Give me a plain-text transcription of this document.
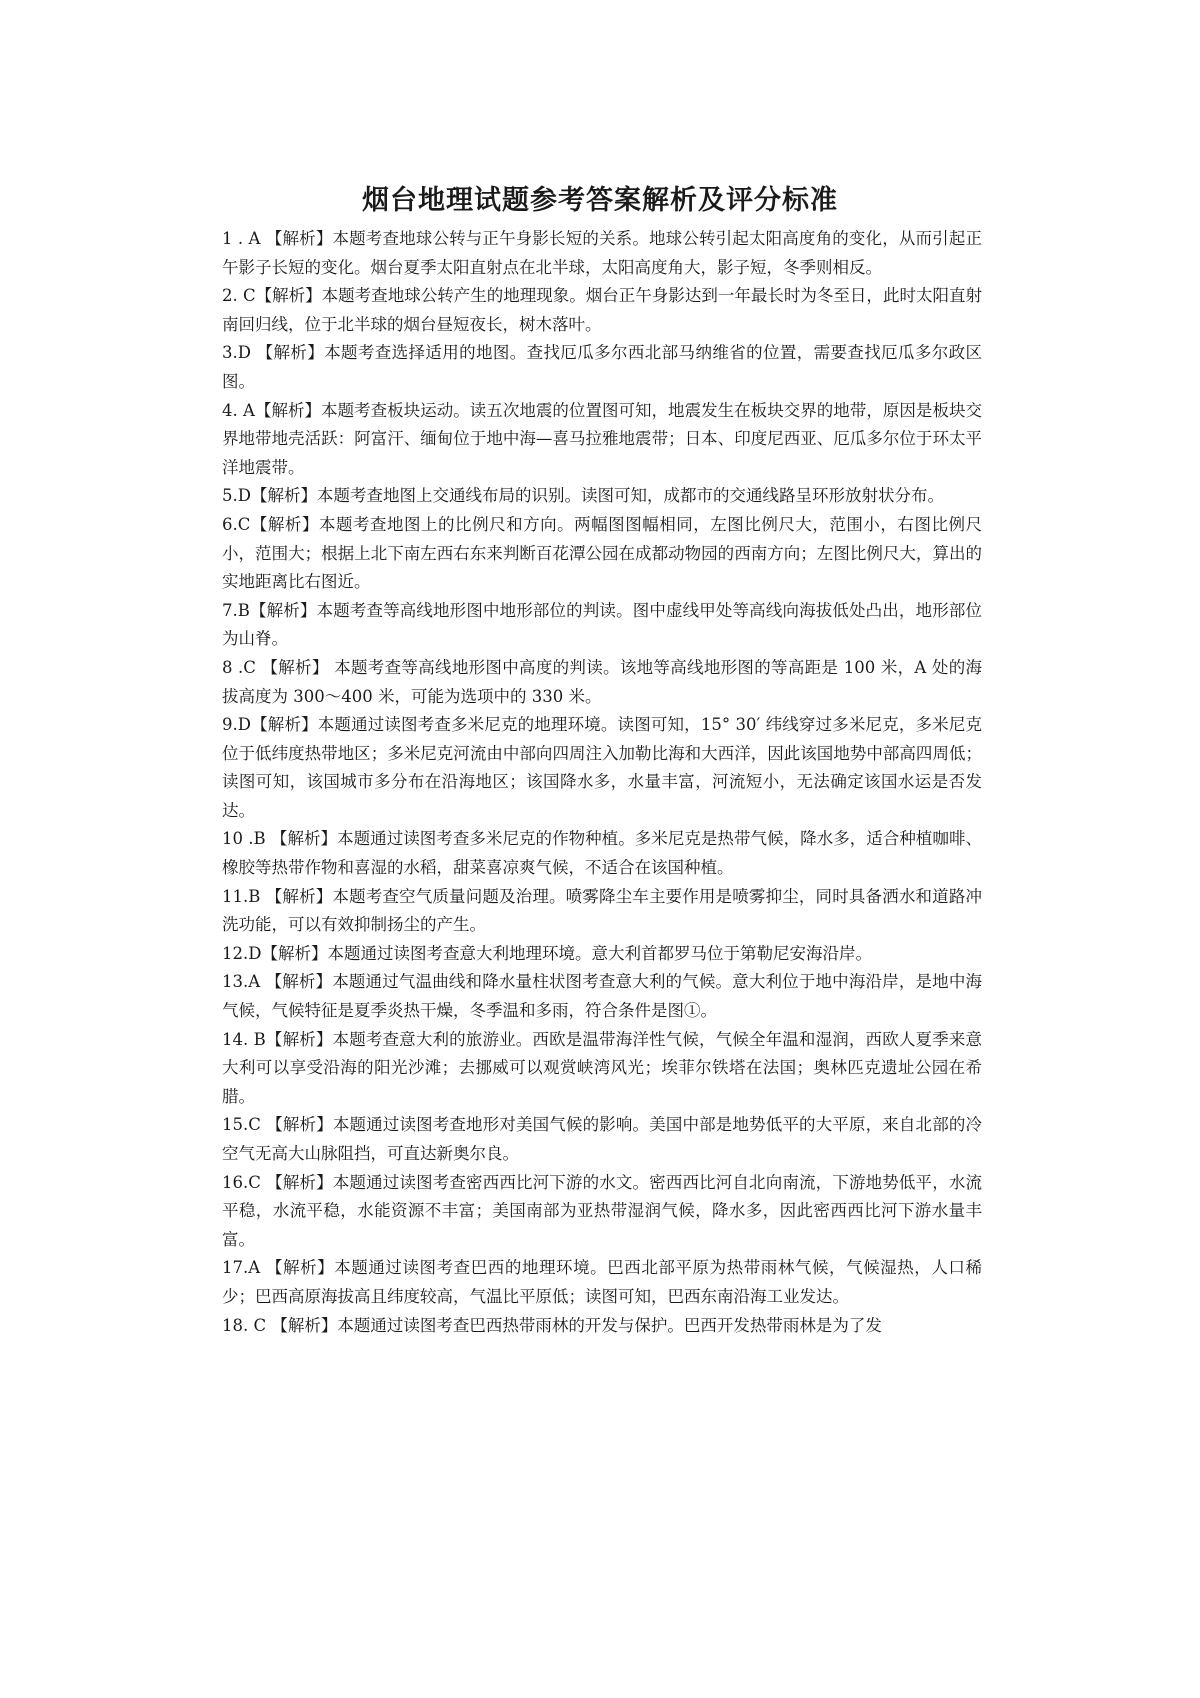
烟台地理试题参考答案解析及评分标准

1 . A 【解析】本题考查地球公转与正午身影长短的关系。地球公转引起太阳高度角的变化，从而引起正午影子长短的变化。烟台夏季太阳直射点在北半球，太阳高度角大，影子短，冬季则相反。

2. C【解析】本题考查地球公转产生的地理现象。烟台正午身影达到一年最长时为冬至日，此时太阳直射南回归线，位于北半球的烟台昼短夜长，树木落叶。

3.D 【解析】本题考查选择适用的地图。查找厄瓜多尔西北部马纳维省的位置，需要查找厄瓜多尔政区图。

4. A【解析】本题考查板块运动。读五次地震的位置图可知，地震发生在板块交界的地带，原因是板块交界地带地壳活跃：阿富汗、缅甸位于地中海—喜马拉雅地震带；日本、印度尼西亚、厄瓜多尔位于环太平洋地震带。

5.D【解析】本题考查地图上交通线布局的识别。读图可知，成都市的交通线路呈环形放射状分布。

6.C【解析】本题考查地图上的比例尺和方向。两幅图图幅相同，左图比例尺大，范围小，右图比例尺小，范围大；根据上北下南左西右东来判断百花潭公园在成都动物园的西南方向；左图比例尺大，算出的实地距离比右图近。

7.B【解析】本题考查等高线地形图中地形部位的判读。图中虚线甲处等高线向海拔低处凸出，地形部位为山脊。

8 .C 【解析】 本题考查等高线地形图中高度的判读。该地等高线地形图的等高距是 100 米，A 处的海拔高度为 300～400 米，可能为选项中的 330 米。

9.D【解析】本题通过读图考查多米尼克的地理环境。读图可知，15° 30′ 纬线穿过多米尼克，多米尼克位于低纬度热带地区；多米尼克河流由中部向四周注入加勒比海和大西洋，因此该国地势中部高四周低；读图可知，该国城市多分布在沿海地区；该国降水多，水量丰富，河流短小，无法确定该国水运是否发达。

10 .B 【解析】本题通过读图考查多米尼克的作物种植。多米尼克是热带气候，降水多，适合种植咖啡、橡胶等热带作物和喜湿的水稻，甜菜喜凉爽气候，不适合在该国种植。

11.B 【解析】本题考查空气质量问题及治理。喷雾降尘车主要作用是喷雾抑尘，同时具备洒水和道路冲洗功能，可以有效抑制扬尘的产生。

12.D【解析】本题通过读图考查意大利地理环境。意大利首都罗马位于第勒尼安海沿岸。

13.A 【解析】本题通过气温曲线和降水量柱状图考查意大利的气候。意大利位于地中海沿岸，是地中海气候，气候特征是夏季炎热干燥，冬季温和多雨，符合条件是图①。

14. B【解析】本题考查意大利的旅游业。西欧是温带海洋性气候，气候全年温和湿润，西欧人夏季来意大利可以享受沿海的阳光沙滩；去挪威可以观赏峡湾风光；埃菲尔铁塔在法国；奥林匹克遗址公园在希腊。

15.C 【解析】本题通过读图考查地形对美国气候的影响。美国中部是地势低平的大平原，来自北部的冷空气无高大山脉阻挡，可直达新奥尔良。

16.C 【解析】本题通过读图考查密西西比河下游的水文。密西西比河自北向南流，下游地势低平，水流平稳，水流平稳，水能资源不丰富；美国南部为亚热带湿润气候，降水多，因此密西西比河下游水量丰富。

17.A 【解析】本题通过读图考查巴西的地理环境。巴西北部平原为热带雨林气候，气候湿热，人口稀少；巴西高原海拔高且纬度较高，气温比平原低；读图可知，巴西东南沿海工业发达。

18. C 【解析】本题通过读图考查巴西热带雨林的开发与保护。巴西开发热带雨林是为了发
